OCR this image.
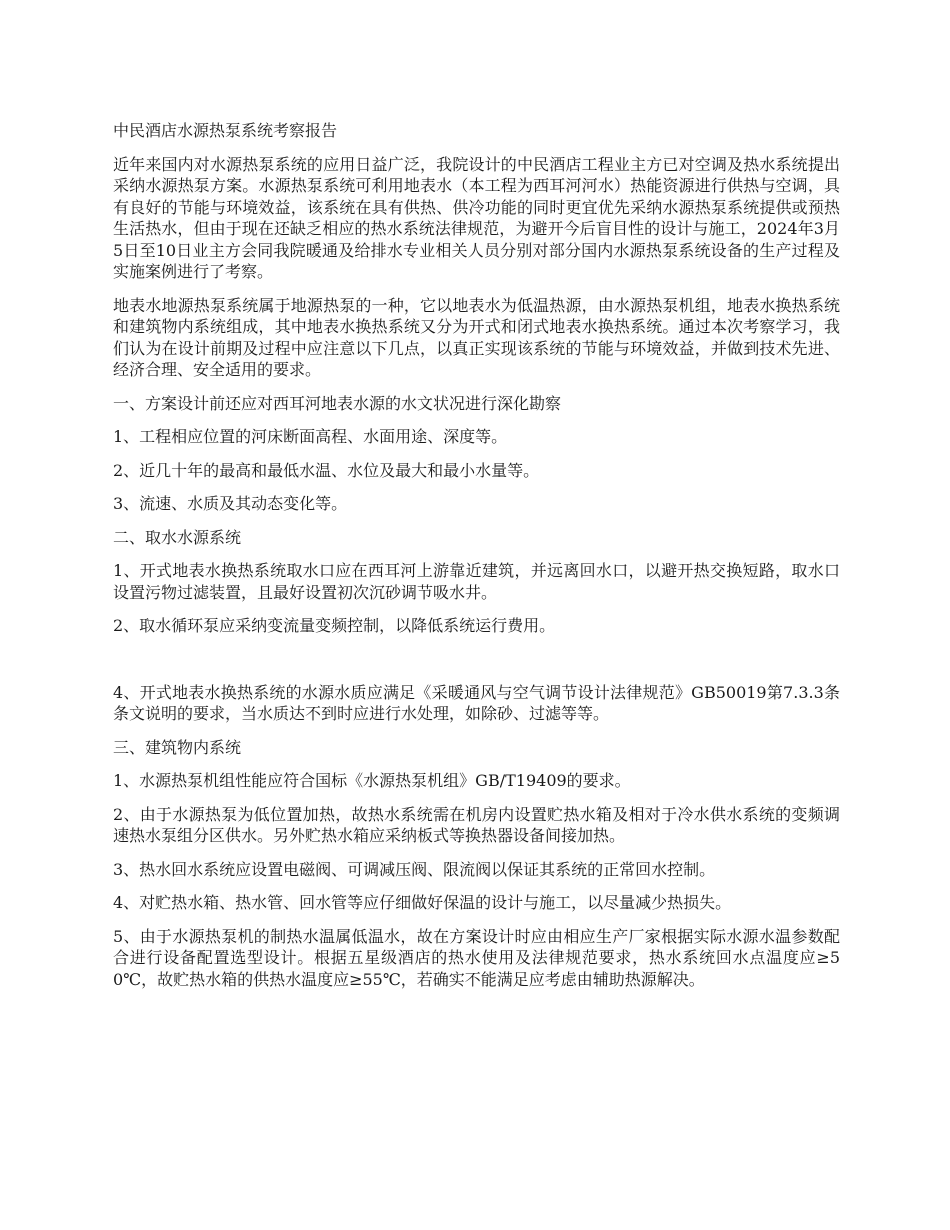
中民酒店水源热泵系统考察报告

近年来国内对水源热泵系统的应用日益广泛，我院设计的中民酒店工程业主方已对空调及热水系统提出采纳水源热泵方案。水源热泵系统可利用地表水（本工程为西耳河河水）热能资源进行供热与空调，具有良好的节能与环境效益，该系统在具有供热、供冷功能的同时更宜优先采纳水源热泵系统提供或预热生活热水，但由于现在还缺乏相应的热水系统法律规范，为避开今后盲目性的设计与施工，2024年3月5日至10日业主方会同我院暖通及给排水专业相关人员分别对部分国内水源热泵系统设备的生产过程及实施案例进行了考察。

地表水地源热泵系统属于地源热泵的一种，它以地表水为低温热源，由水源热泵机组，地表水换热系统和建筑物内系统组成，其中地表水换热系统又分为开式和闭式地表水换热系统。通过本次考察学习，我们认为在设计前期及过程中应注意以下几点，以真正实现该系统的节能与环境效益，并做到技术先进、经济合理、安全适用的要求。

一、方案设计前还应对西耳河地表水源的水文状况进行深化勘察

1、工程相应位置的河床断面高程、水面用途、深度等。

2、近几十年的最高和最低水温、水位及最大和最小水量等。

3、流速、水质及其动态变化等。

二、取水水源系统

1、开式地表水换热系统取水口应在西耳河上游靠近建筑，并远离回水口，以避开热交换短路，取水口设置污物过滤装置，且最好设置初次沉砂调节吸水井。

2、取水循环泵应采纳变流量变频控制，以降低系统运行费用。

4、开式地表水换热系统的水源水质应满足《采暖通风与空气调节设计法律规范》GB50019第7.3.3条条文说明的要求，当水质达不到时应进行水处理，如除砂、过滤等等。

三、建筑物内系统

1、水源热泵机组性能应符合国标《水源热泵机组》GB/T19409的要求。

2、由于水源热泵为低位置加热，故热水系统需在机房内设置贮热水箱及相对于冷水供水系统的变频调速热水泵组分区供水。另外贮热水箱应采纳板式等换热器设备间接加热。

3、热水回水系统应设置电磁阀、可调减压阀、限流阀以保证其系统的正常回水控制。

4、对贮热水箱、热水管、回水管等应仔细做好保温的设计与施工，以尽量减少热损失。

5、由于水源热泵机的制热水温属低温水，故在方案设计时应由相应生产厂家根据实际水源水温参数配合进行设备配置选型设计。根据五星级酒店的热水使用及法律规范要求，热水系统回水点温度应≥50℃，故贮热水箱的供热水温度应≥55℃，若确实不能满足应考虑由辅助热源解决。
